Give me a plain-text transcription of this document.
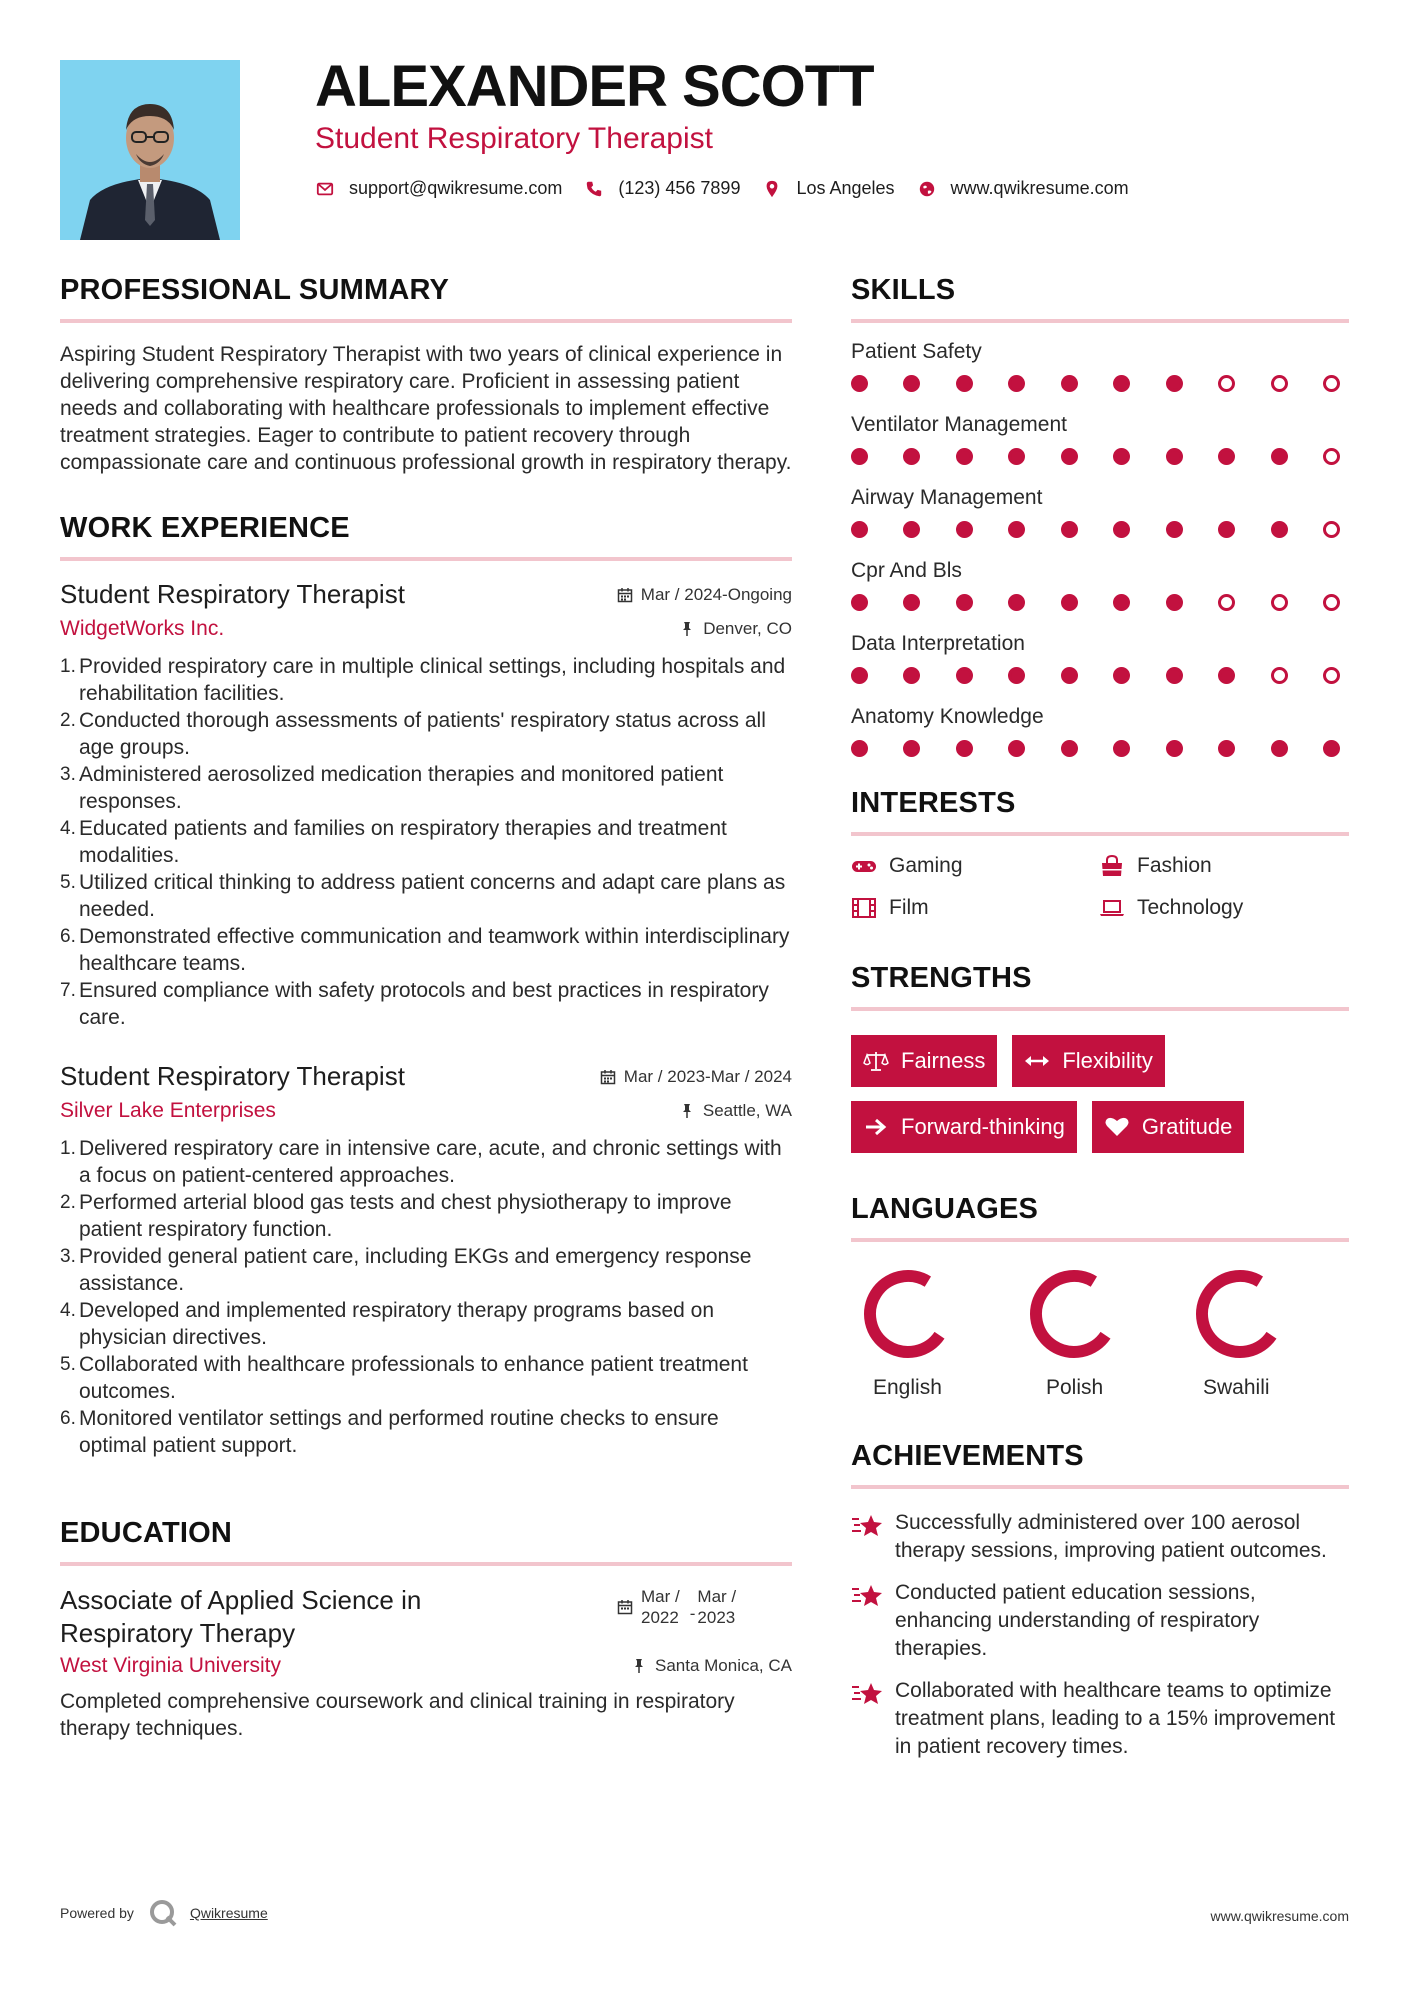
ALEXANDER SCOTT
Student Respiratory Therapist
support@qwikresume.com	(123) 456 7899	Los Angeles	www.qwikresume.com
PROFESSIONAL SUMMARY

Aspiring Student Respiratory Therapist with two years of clinical experience in delivering comprehensive respiratory care. Proficient in assessing patient needs and collaborating with healthcare professionals to implement effective treatment strategies. Eager to contribute to patient recovery through compassionate care and continuous professional growth in respiratory therapy.

WORK EXPERIENCE
Student Respiratory Therapist	Mar / 2024-Ongoing
WidgetWorks Inc.	Denver, CO
1. Provided respiratory care in multiple clinical settings, including hospitals and rehabilitation facilities.
2. Conducted thorough assessments of patients' respiratory status across all age groups.
3. Administered aerosolized medication therapies and monitored patient responses.
4. Educated patients and families on respiratory therapies and treatment modalities.
5. Utilized critical thinking to address patient concerns and adapt care plans as needed.
6. Demonstrated effective communication and teamwork within interdisciplinary healthcare teams.
7. Ensured compliance with safety protocols and best practices in respiratory care.
Student Respiratory Therapist	Mar / 2023-Mar / 2024
Silver Lake Enterprises	Seattle, WA
1. Delivered respiratory care in intensive care, acute, and chronic settings with a focus on patient-centered approaches.
2. Performed arterial blood gas tests and chest physiotherapy to improve patient respiratory function.
3. Provided general patient care, including EKGs and emergency response assistance.
4. Developed and implemented respiratory therapy programs based on physician directives.
5. Collaborated with healthcare professionals to enhance patient treatment outcomes.
6. Monitored ventilator settings and performed routine checks to ensure optimal patient support.
EDUCATION
Associate of Applied Science in
Respiratory Therapy
Mar /
2022 -
Mar /
2023
West Virginia University	Santa Monica, CA

Completed comprehensive coursework and clinical training in respiratory therapy techniques.

SKILLS
Patient Safety
Ventilator Management
Airway Management
Cpr And Bls
Data Interpretation
Anatomy Knowledge
INTERESTS
Gaming	Fashion
Film	Technology
STRENGTHS
Fairness	Flexibility
Forward-thinking	Gratitude
LANGUAGES
English	Polish	Swahili
ACHIEVEMENTS
Successfully administered over 100 aerosol therapy sessions, improving patient outcomes.
Conducted patient education sessions, enhancing understanding of respiratory therapies.
Collaborated with healthcare teams to optimize treatment plans, leading to a 15% improvement in patient recovery times.
Powered by	Qwikresume	www.qwikresume.com
